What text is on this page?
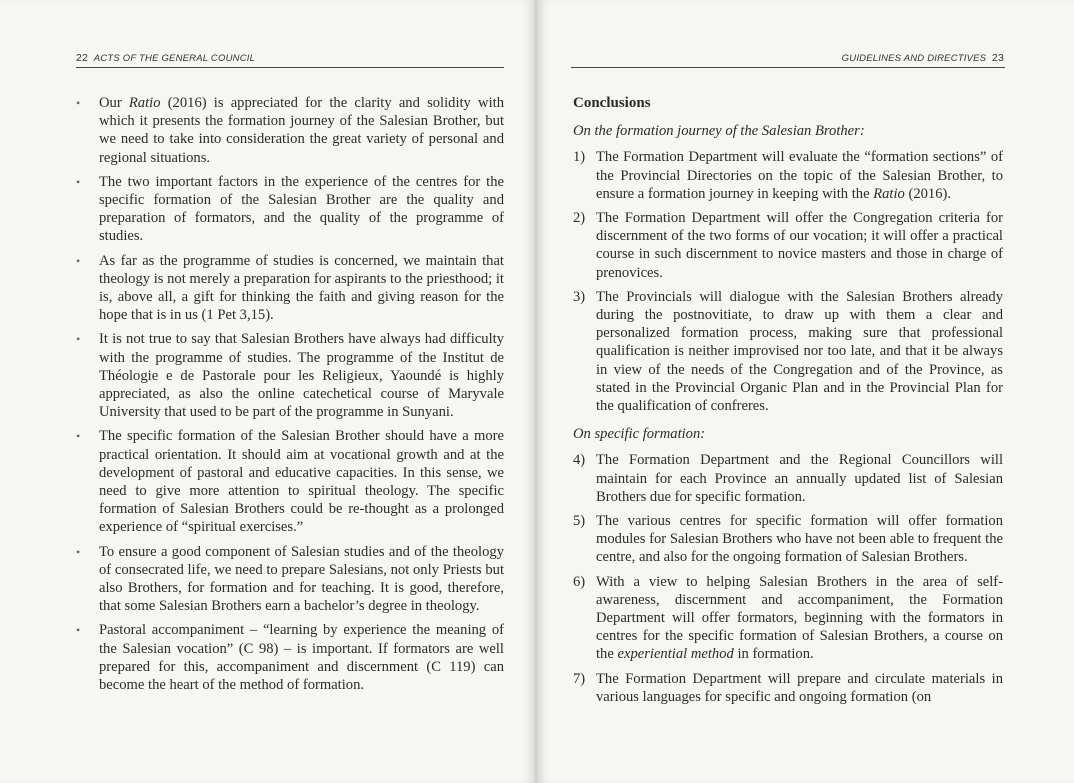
22 ACTS OF THE GENERAL COUNCIL
• Our Ratio (2016) is appreciated for the clarity and solidity with which it presents the formation journey of the Salesian Brother, but we need to take into consideration the great variety of personal and regional situations.
• The two important factors in the experience of the centres for the specific formation of the Salesian Brother are the quality and preparation of formators, and the quality of the programme of studies.
• As far as the programme of studies is concerned, we maintain that theology is not merely a preparation for aspirants to the priesthood; it is, above all, a gift for thinking the faith and giving reason for the hope that is in us (1 Pet 3,15).
• It is not true to say that Salesian Brothers have always had difficulty with the programme of studies. The programme of the Institut de Théologie e de Pastorale pour les Religieux, Yaoundé is highly appreciated, as also the online catechetical course of Maryvale University that used to be part of the programme in Sunyani.
• The specific formation of the Salesian Brother should have a more practical orientation. It should aim at vocational growth and at the development of pastoral and educative capacities. In this sense, we need to give more attention to spiritual theology. The specific formation of Salesian Brothers could be re-thought as a prolonged experience of “spiritual exercises.”
• To ensure a good component of Salesian studies and of the theology of consecrated life, we need to prepare Salesians, not only Priests but also Brothers, for formation and for teaching. It is good, therefore, that some Salesian Brothers earn a bachelor’s degree in theology.
• Pastoral accompaniment – “learning by experience the meaning of the Salesian vocation” (C 98) – is important. If formators are well prepared for this, accompaniment and discernment (C 119) can become the heart of the method of formation.
GUIDELINES AND DIRECTIVES 23
Conclusions
On the formation journey of the Salesian Brother:
1) The Formation Department will evaluate the “formation sections” of the Provincial Directories on the topic of the Salesian Brother, to ensure a formation journey in keeping with the Ratio (2016).
2) The Formation Department will offer the Congregation criteria for discernment of the two forms of our vocation; it will offer a practical course in such discernment to novice masters and those in charge of prenovices.
3) The Provincials will dialogue with the Salesian Brothers already during the postnovitiate, to draw up with them a clear and personalized formation process, making sure that professional qualification is neither improvised nor too late, and that it be always in view of the needs of the Congregation and of the Province, as stated in the Provincial Organic Plan and in the Provincial Plan for the qualification of confreres.
On specific formation:
4) The Formation Department and the Regional Councillors will maintain for each Province an annually updated list of Salesian Brothers due for specific formation.
5) The various centres for specific formation will offer formation modules for Salesian Brothers who have not been able to frequent the centre, and also for the ongoing formation of Salesian Brothers.
6) With a view to helping Salesian Brothers in the area of self-awareness, discernment and accompaniment, the Formation Department will offer formators, beginning with the formators in centres for the specific formation of Salesian Brothers, a course on the experiential method in formation.
7) The Formation Department will prepare and circulate materials in various languages for specific and ongoing formation (on
